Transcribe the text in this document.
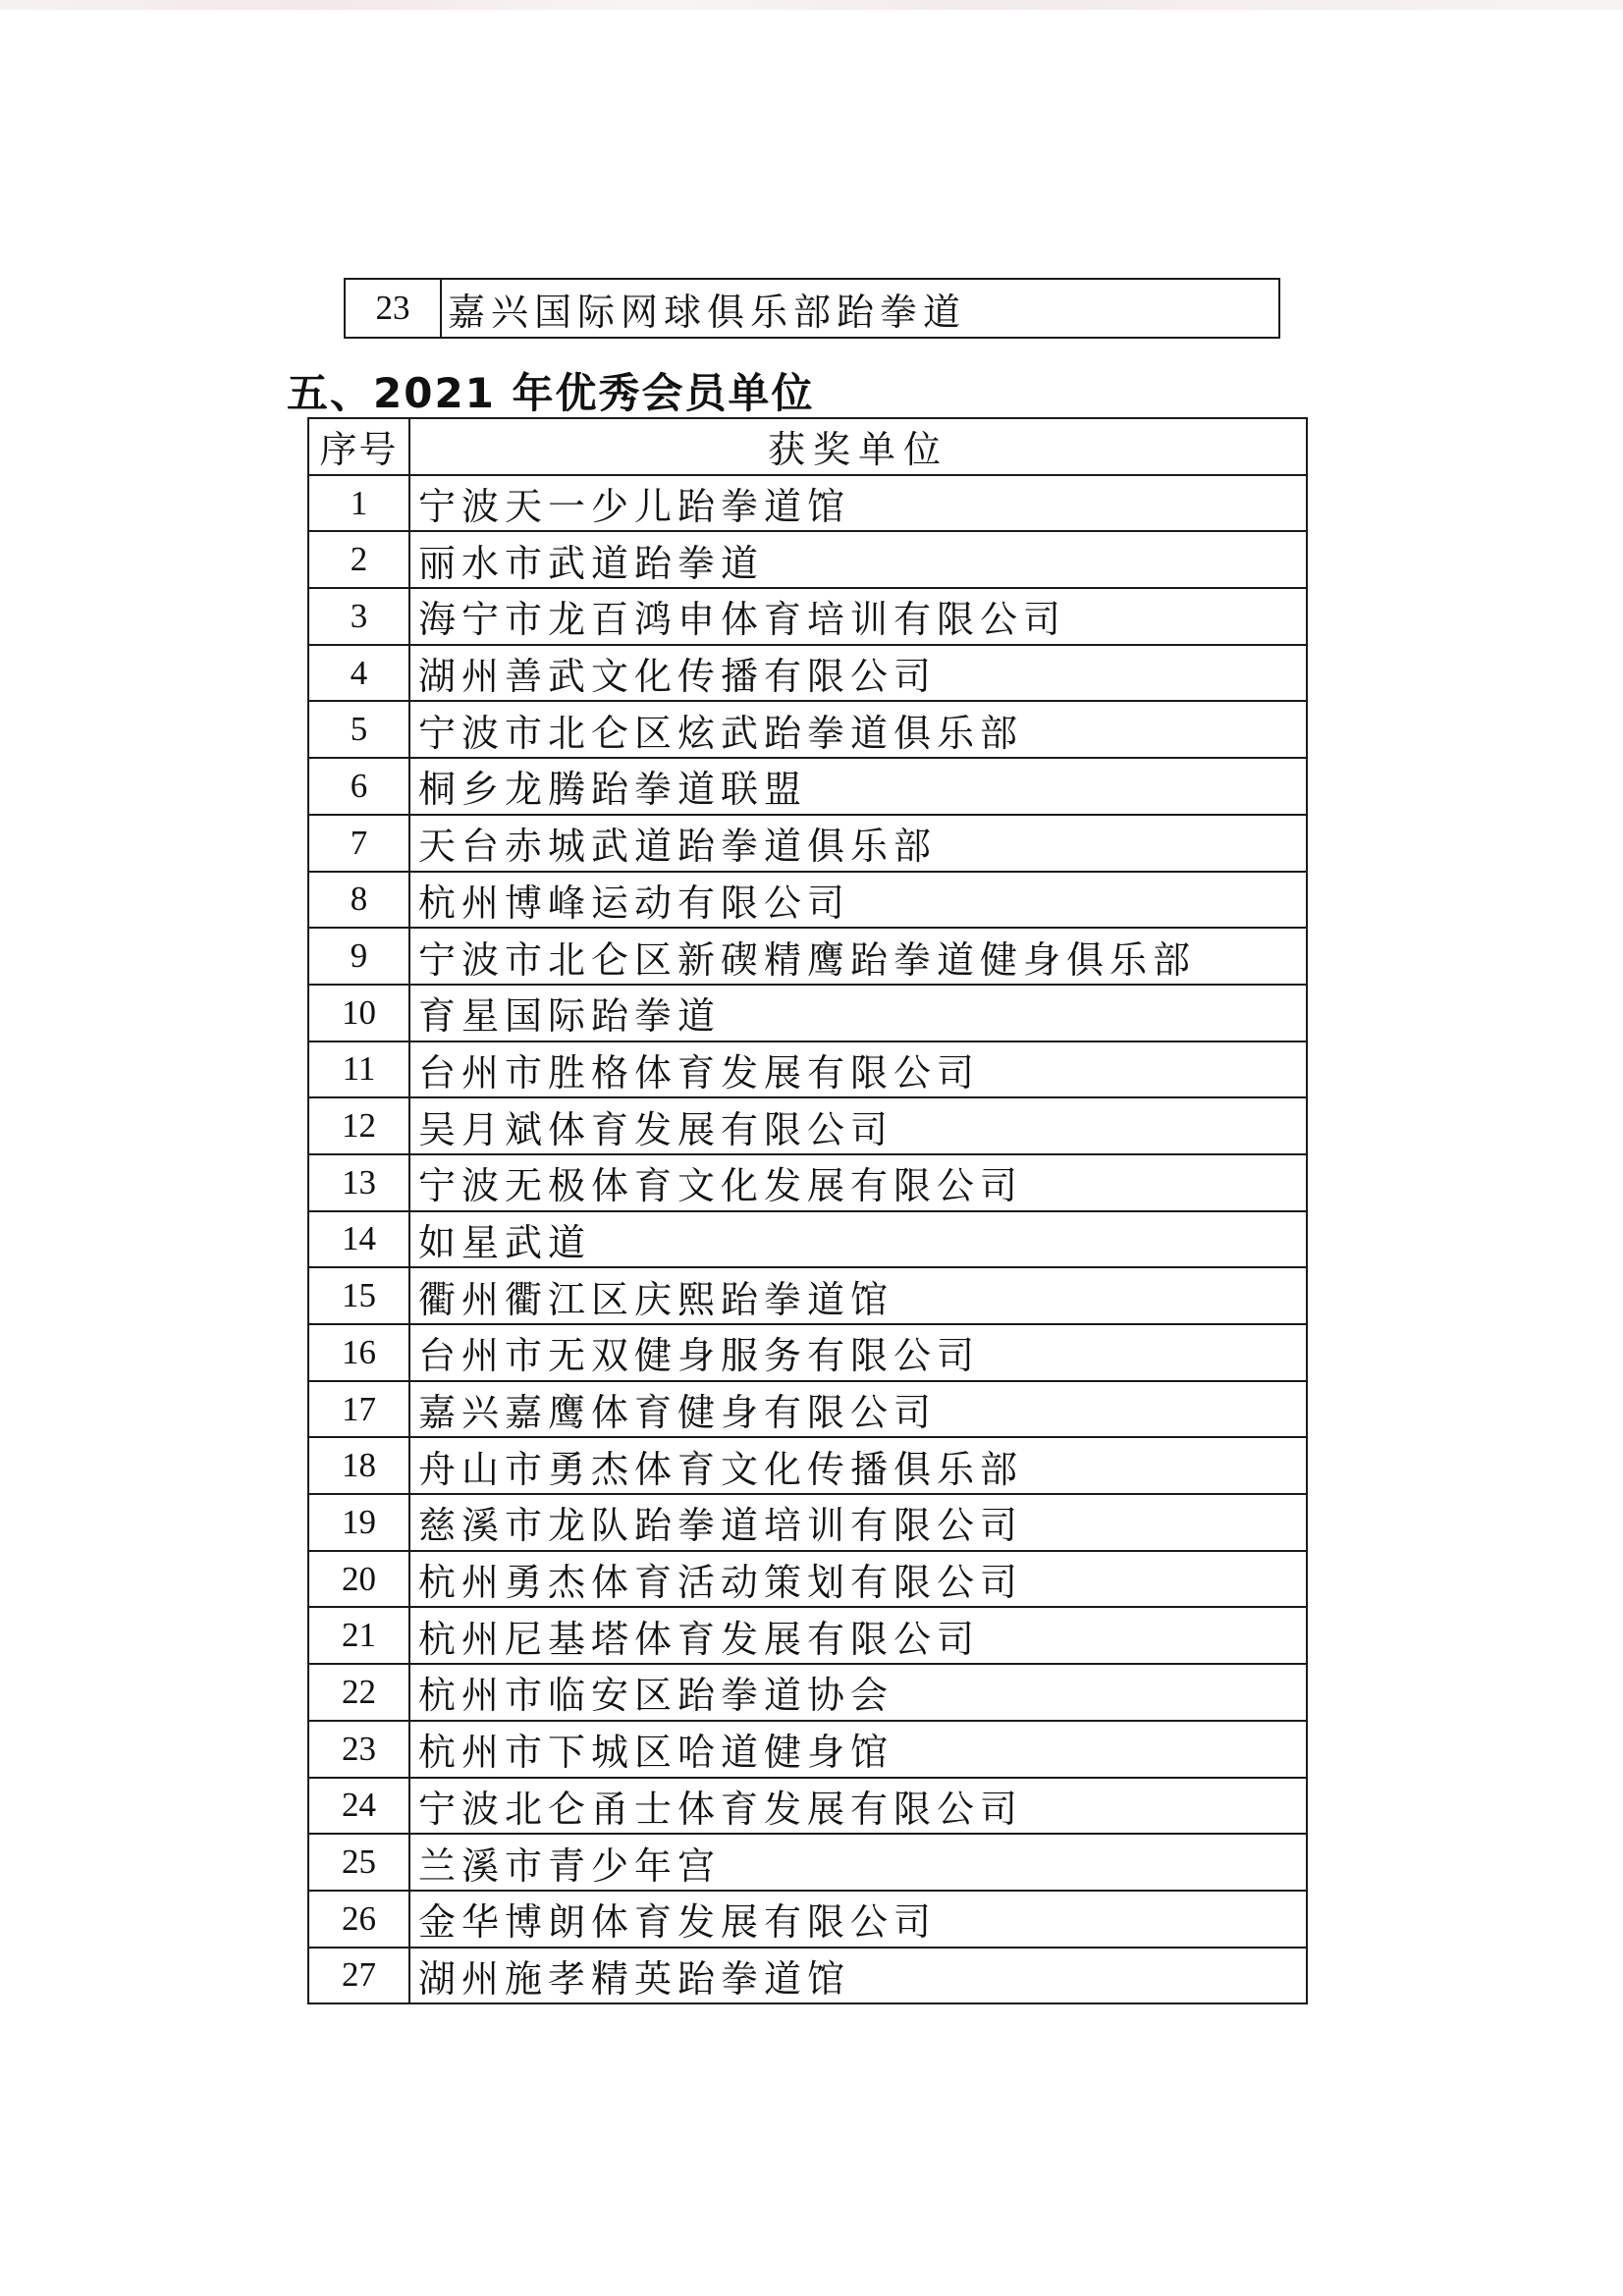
23	嘉兴国际网球俱乐部跆拳道
五、2021 年优秀会员单位
序号	获奖单位
1	宁波天一少儿跆拳道馆
2	丽水市武道跆拳道
3	海宁市龙百鸿申体育培训有限公司
4	湖州善武文化传播有限公司
5	宁波市北仑区炫武跆拳道俱乐部
6	桐乡龙腾跆拳道联盟
7	天台赤城武道跆拳道俱乐部
8	杭州博峰运动有限公司
9	宁波市北仑区新碶精鹰跆拳道健身俱乐部
10	育星国际跆拳道
11	台州市胜格体育发展有限公司
12	吴月斌体育发展有限公司
13	宁波无极体育文化发展有限公司
14	如星武道
15	衢州衢江区庆熙跆拳道馆
16	台州市无双健身服务有限公司
17	嘉兴嘉鹰体育健身有限公司
18	舟山市勇杰体育文化传播俱乐部
19	慈溪市龙队跆拳道培训有限公司
20	杭州勇杰体育活动策划有限公司
21	杭州尼基塔体育发展有限公司
22	杭州市临安区跆拳道协会
23	杭州市下城区哈道健身馆
24	宁波北仑甬士体育发展有限公司
25	兰溪市青少年宫
26	金华博朗体育发展有限公司
27	湖州施孝精英跆拳道馆
